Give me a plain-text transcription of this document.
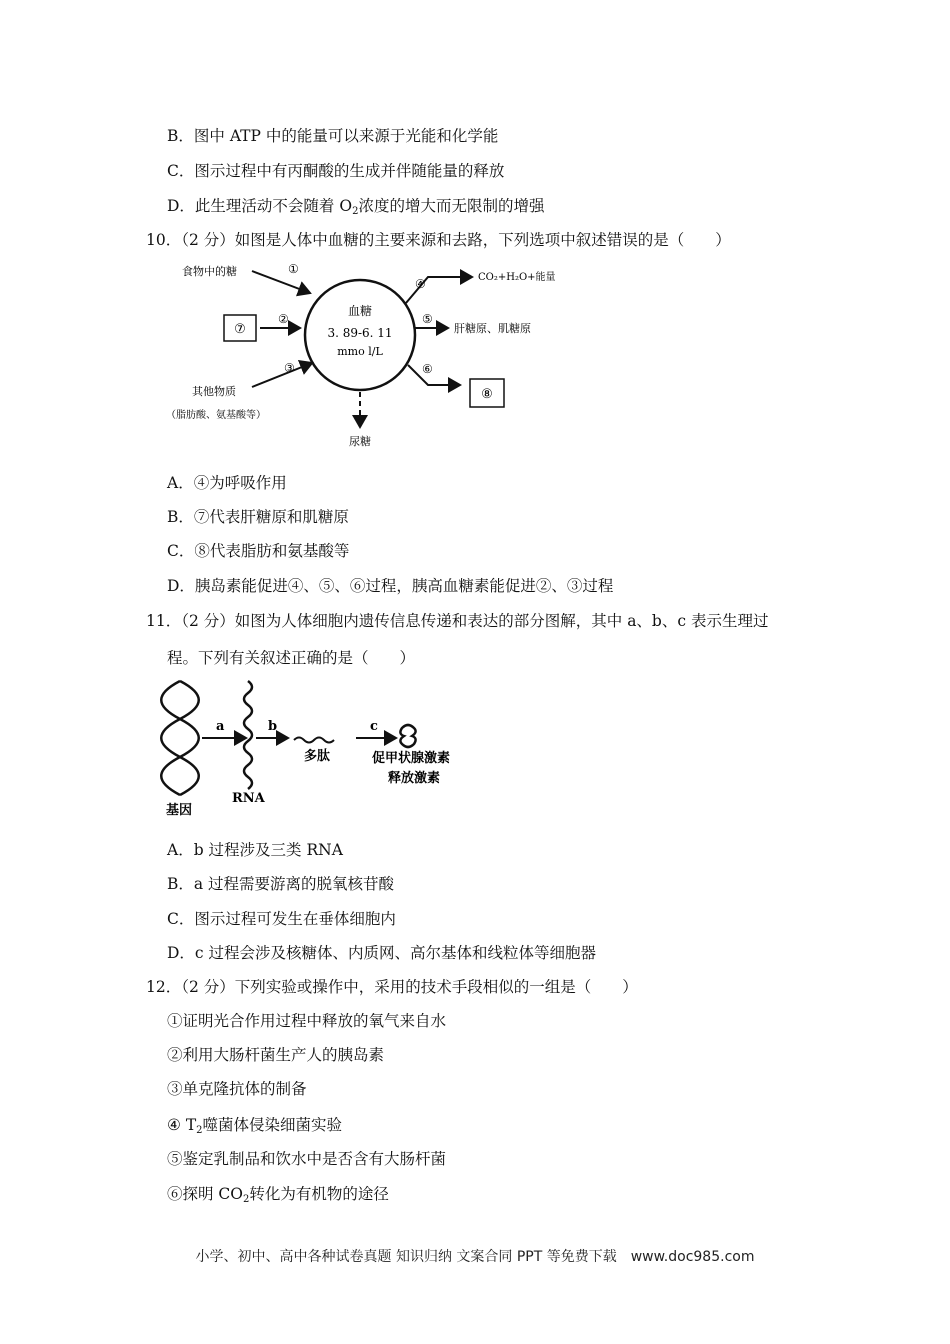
B．图中 ATP 中的能量可以来源于光能和化学能
C．图示过程中有丙酮酸的生成并伴随能量的释放
D．此生理活动不会随着 $O_2$浓度的增大而无限制的增强
10．（2 分）如图是人体中血糖的主要来源和去路，下列选项中叙述错误的是（　　）
血糖
3. 89-6. 11
mmo l/L
食物中的糖	①
⑦
②
其他物质
（脂肪酸、氨基酸等）
③
④	CO₂+H₂O+能量
⑤
肝糖原、肌糖原
⑥
⑧
尿糖
A．④为呼吸作用
B．⑦代表肝糖原和肌糖原
C．⑧代表脂肪和氨基酸等
D．胰岛素能促进④、⑤、⑥过程，胰高血糖素能促进②、③过程
11．（2 分）如图为人体细胞内遗传信息传递和表达的部分图解，其中 a、b、c 表示生理过
程。下列有关叙述正确的是（　　）
基因
a
RNA
b
多肽
c
促甲状腺激素
释放激素
A．b 过程涉及三类 RNA
B．a 过程需要游离的脱氧核苷酸
C．图示过程可发生在垂体细胞内
D．c 过程会涉及核糖体、内质网、高尔基体和线粒体等细胞器
12．（2 分）下列实验或操作中，采用的技术手段相似的一组是（　　）
①证明光合作用过程中释放的氧气来自水
②利用大肠杆菌生产人的胰岛素
③单克隆抗体的制备
④ $T_2$噬菌体侵染细菌实验
⑤鉴定乳制品和饮水中是否含有大肠杆菌
⑥探明 $CO_2$转化为有机物的途径
小学、初中、高中各种试卷真题 知识归纳 文案合同 PPT 等免费下载　www.doc985.com
